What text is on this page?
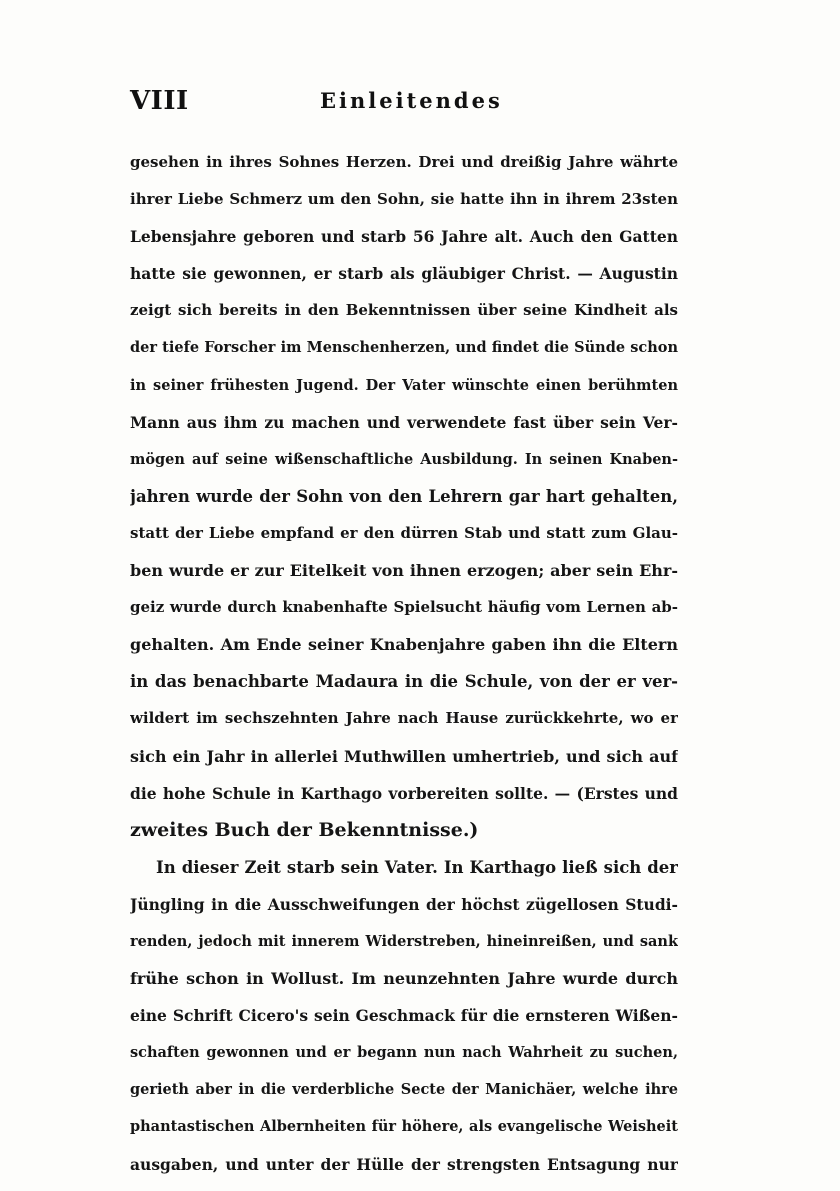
VIII	Einleitendes
gesehen in ihres Sohnes Herzen. Drei und dreißig Jahre währte
ihrer Liebe Schmerz um den Sohn, sie hatte ihn in ihrem 23sten
Lebensjahre geboren und starb 56 Jahre alt. Auch den Gatten
hatte sie gewonnen, er starb als gläubiger Christ. — Augustin
zeigt sich bereits in den Bekenntnissen über seine Kindheit als
der tiefe Forscher im Menschenherzen, und findet die Sünde schon
in seiner frühesten Jugend. Der Vater wünschte einen berühmten
Mann aus ihm zu machen und verwendete fast über sein Ver-
mögen auf seine wißenschaftliche Ausbildung. In seinen Knaben-
jahren wurde der Sohn von den Lehrern gar hart gehalten,
statt der Liebe empfand er den dürren Stab und statt zum Glau-
ben wurde er zur Eitelkeit von ihnen erzogen; aber sein Ehr-
geiz wurde durch knabenhafte Spielsucht häufig vom Lernen ab-
gehalten. Am Ende seiner Knabenjahre gaben ihn die Eltern
in das benachbarte Madaura in die Schule, von der er ver-
wildert im sechszehnten Jahre nach Hause zurückkehrte, wo er
sich ein Jahr in allerlei Muthwillen umhertrieb, und sich auf
die hohe Schule in Karthago vorbereiten sollte. — (Erstes und
zweites Buch der Bekenntnisse.)
In dieser Zeit starb sein Vater. In Karthago ließ sich der
Jüngling in die Ausschweifungen der höchst zügellosen Studi-
renden, jedoch mit innerem Widerstreben, hineinreißen, und sank
frühe schon in Wollust. Im neunzehnten Jahre wurde durch
eine Schrift Cicero's sein Geschmack für die ernsteren Wißen-
schaften gewonnen und er begann nun nach Wahrheit zu suchen,
gerieth aber in die verderbliche Secte der Manichäer, welche ihre
phantastischen Albernheiten für höhere, als evangelische Weisheit
ausgaben, und unter der Hülle der strengsten Entsagung nur
